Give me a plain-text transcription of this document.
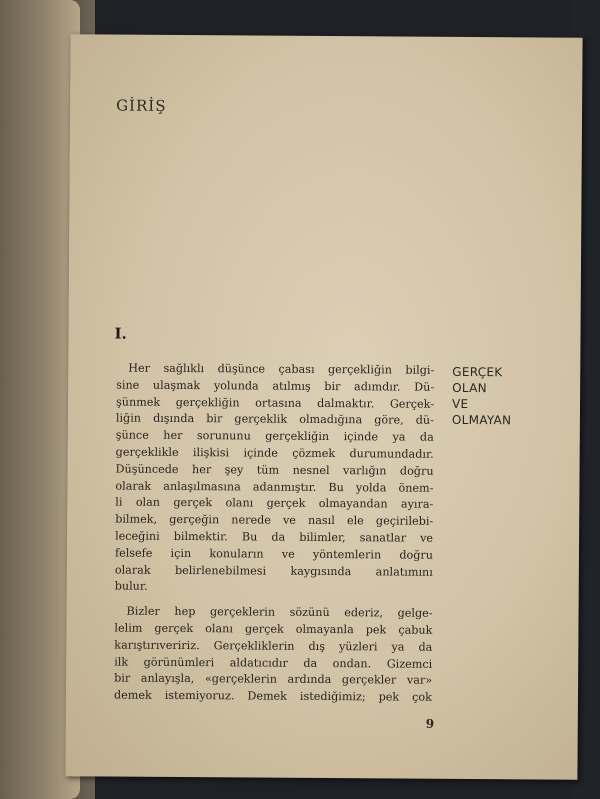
GİRİŞ
I.

Her sağlıklı düşünce çabası gerçekliğin bilgi-
sine ulaşmak yolunda atılmış bir adımdır. Dü-
şünmek gerçekliğin ortasına dalmaktır. Gerçek-
liğin dışında bir gerçeklik olmadığına göre, dü-
şünce her sorununu gerçekliğin içinde ya da
gerçeklikle ilişkisi içinde çözmek durumundadır.
Düşüncede her şey tüm nesnel varlığın doğru
olarak anlaşılmasına adanmıştır. Bu yolda önem-
li olan gerçek olanı gerçek olmayandan ayıra-
bilmek, gerçeğin nerede ve nasıl ele geçirilebi-
leceğini bilmektir. Bu da bilimler, sanatlar ve
felsefe için konuların ve yöntemlerin doğru
olarak belirlenebilmesi kaygısında anlatımını
bulur.

Bizler hep gerçeklerin sözünü ederiz, gelge-
lelim gerçek olanı gerçek olmayanla pek çabuk
karıştırıveririz. Gerçekliklerin dış yüzleri ya da
ilk görünümleri aldatıcıdır da ondan. Gizemci
bir anlayışla, «gerçeklerin ardında gerçekler var»
demek istemiyoruz. Demek istediğimiz; pek çok

GERÇEK
OLAN
VE
OLMAYAN
9
